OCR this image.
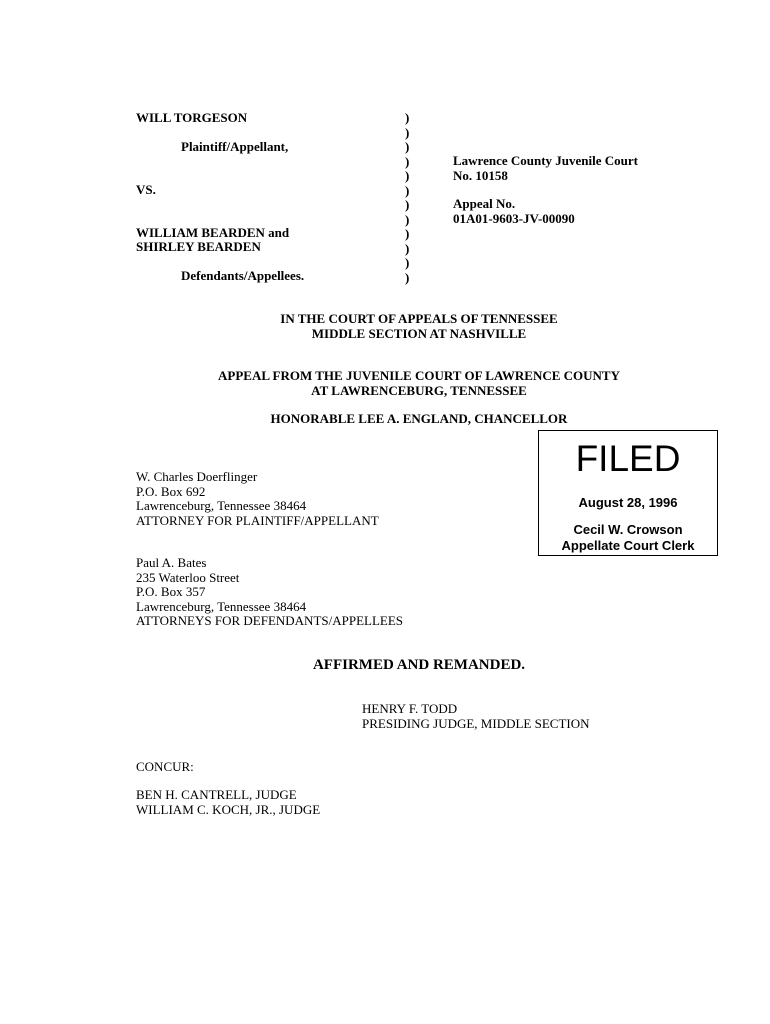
WILL TORGESON
Plaintiff/Appellant,
VS.
WILLIAM BEARDEN and
SHIRLEY BEARDEN
Defendants/Appellees.
)
)
)
)
)
)
)
)
)
)
)
)
Lawrence County Juvenile Court
No. 10158
Appeal No.
01A01-9603-JV-00090
IN THE COURT OF APPEALS OF TENNESSEE
MIDDLE SECTION AT NASHVILLE
APPEAL FROM THE JUVENILE COURT OF LAWRENCE COUNTY
AT LAWRENCEBURG, TENNESSEE
HONORABLE LEE A. ENGLAND, CHANCELLOR
FILED
August 28, 1996
Cecil W. Crowson
Appellate Court Clerk
W. Charles Doerflinger
P.O. Box 692
Lawrenceburg, Tennessee 38464
ATTORNEY FOR PLAINTIFF/APPELLANT
Paul A. Bates
235 Waterloo Street
P.O. Box 357
Lawrenceburg, Tennessee 38464
ATTORNEYS FOR DEFENDANTS/APPELLEES
AFFIRMED AND REMANDED.
HENRY F. TODD
PRESIDING JUDGE, MIDDLE SECTION
CONCUR:
BEN H. CANTRELL, JUDGE
WILLIAM C. KOCH, JR., JUDGE
